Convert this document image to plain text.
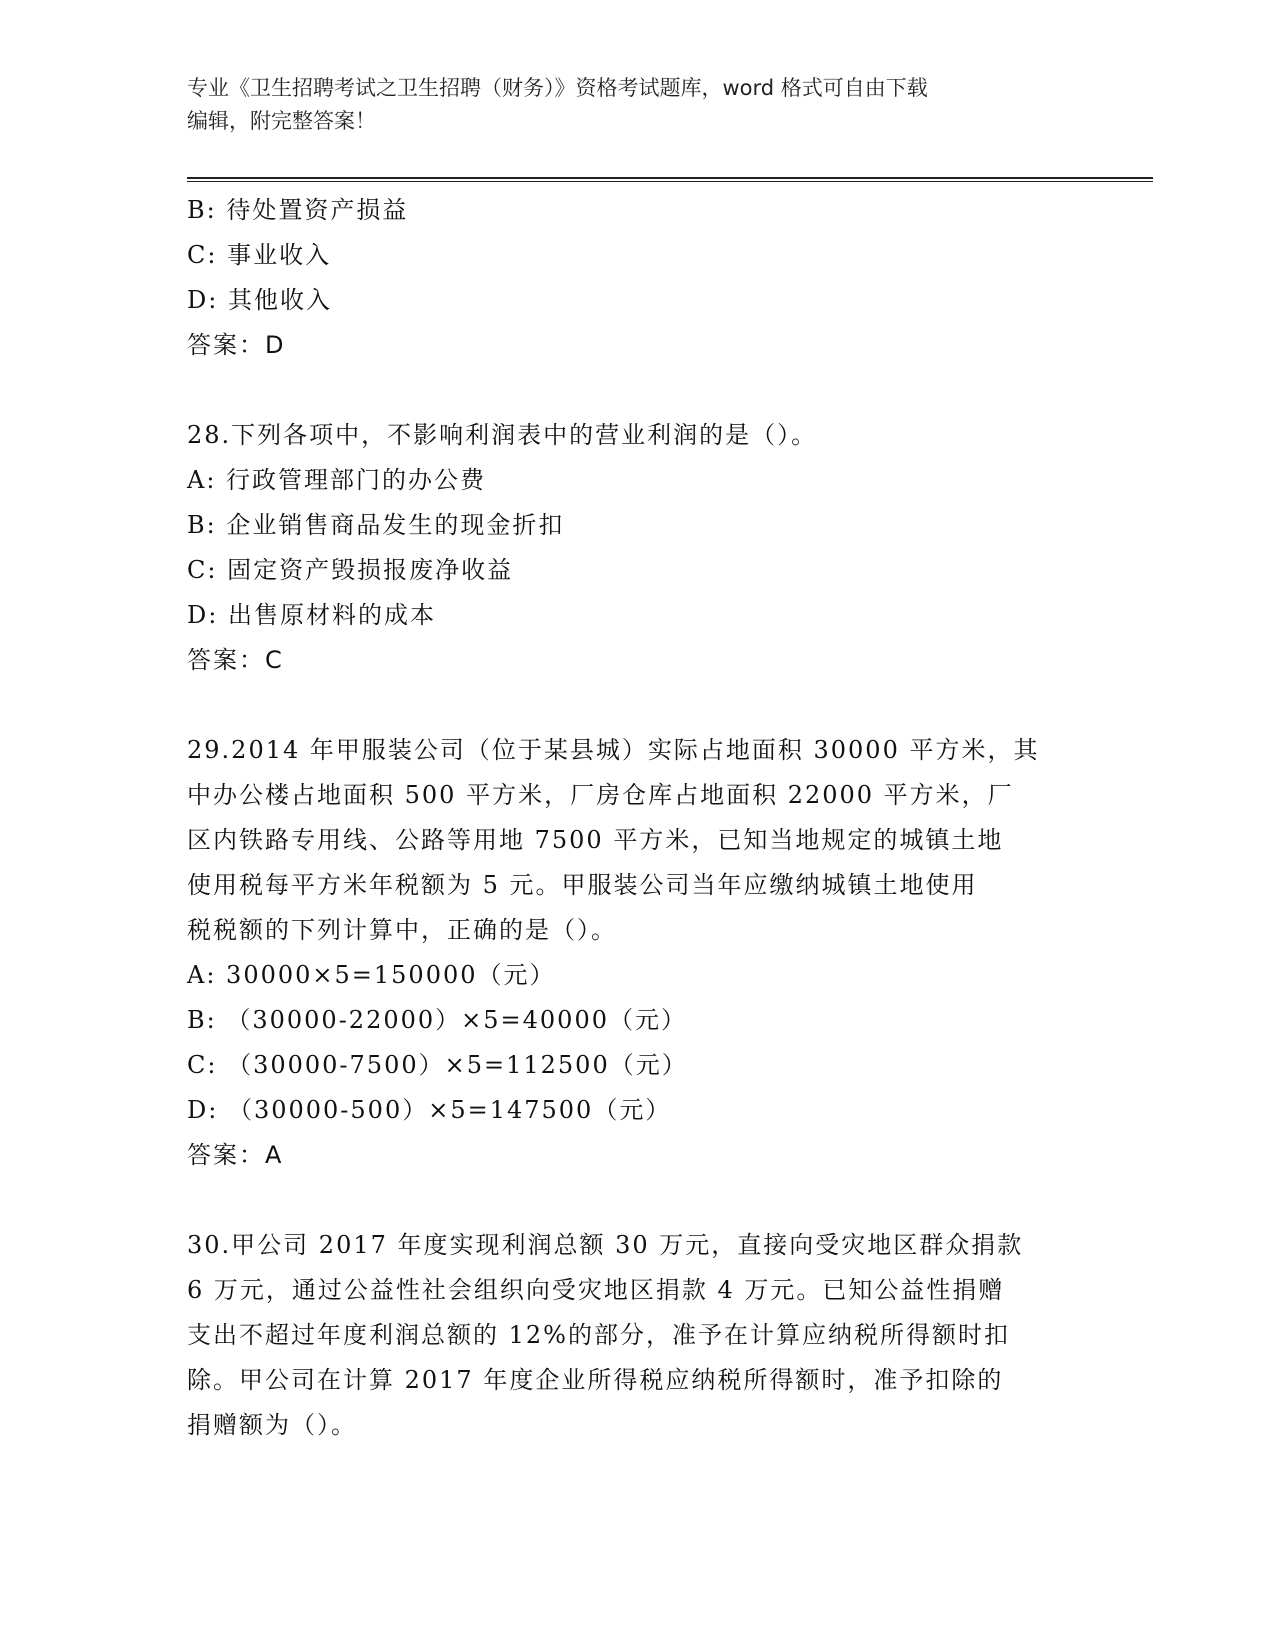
专业《卫生招聘考试之卫生招聘（财务）》资格考试题库，word 格式可自由下载
编辑，附完整答案！
B: 待处置资产损益
C: 事业收入
D: 其他收入
答案：D
28.下列各项中，不影响利润表中的营业利润的是（）。
A: 行政管理部门的办公费
B: 企业销售商品发生的现金折扣
C: 固定资产毁损报废净收益
D: 出售原材料的成本
答案：C
29.2014 年甲服装公司（位于某县城）实际占地面积 30000 平方米，其
中办公楼占地面积 500 平方米，厂房仓库占地面积 22000 平方米，厂
区内铁路专用线、公路等用地 7500 平方米，已知当地规定的城镇土地
使用税每平方米年税额为 5 元。甲服装公司当年应缴纳城镇土地使用
税税额的下列计算中，正确的是（）。
A: 30000×5=150000（元）
B: （30000-22000）×5=40000（元）
C: （30000-7500）×5=112500（元）
D: （30000-500）×5=147500（元）
答案：A
30.甲公司 2017 年度实现利润总额 30 万元，直接向受灾地区群众捐款
6 万元，通过公益性社会组织向受灾地区捐款 4 万元。已知公益性捐赠
支出不超过年度利润总额的 12%的部分，准予在计算应纳税所得额时扣
除。甲公司在计算 2017 年度企业所得税应纳税所得额时，准予扣除的
捐赠额为（）。
